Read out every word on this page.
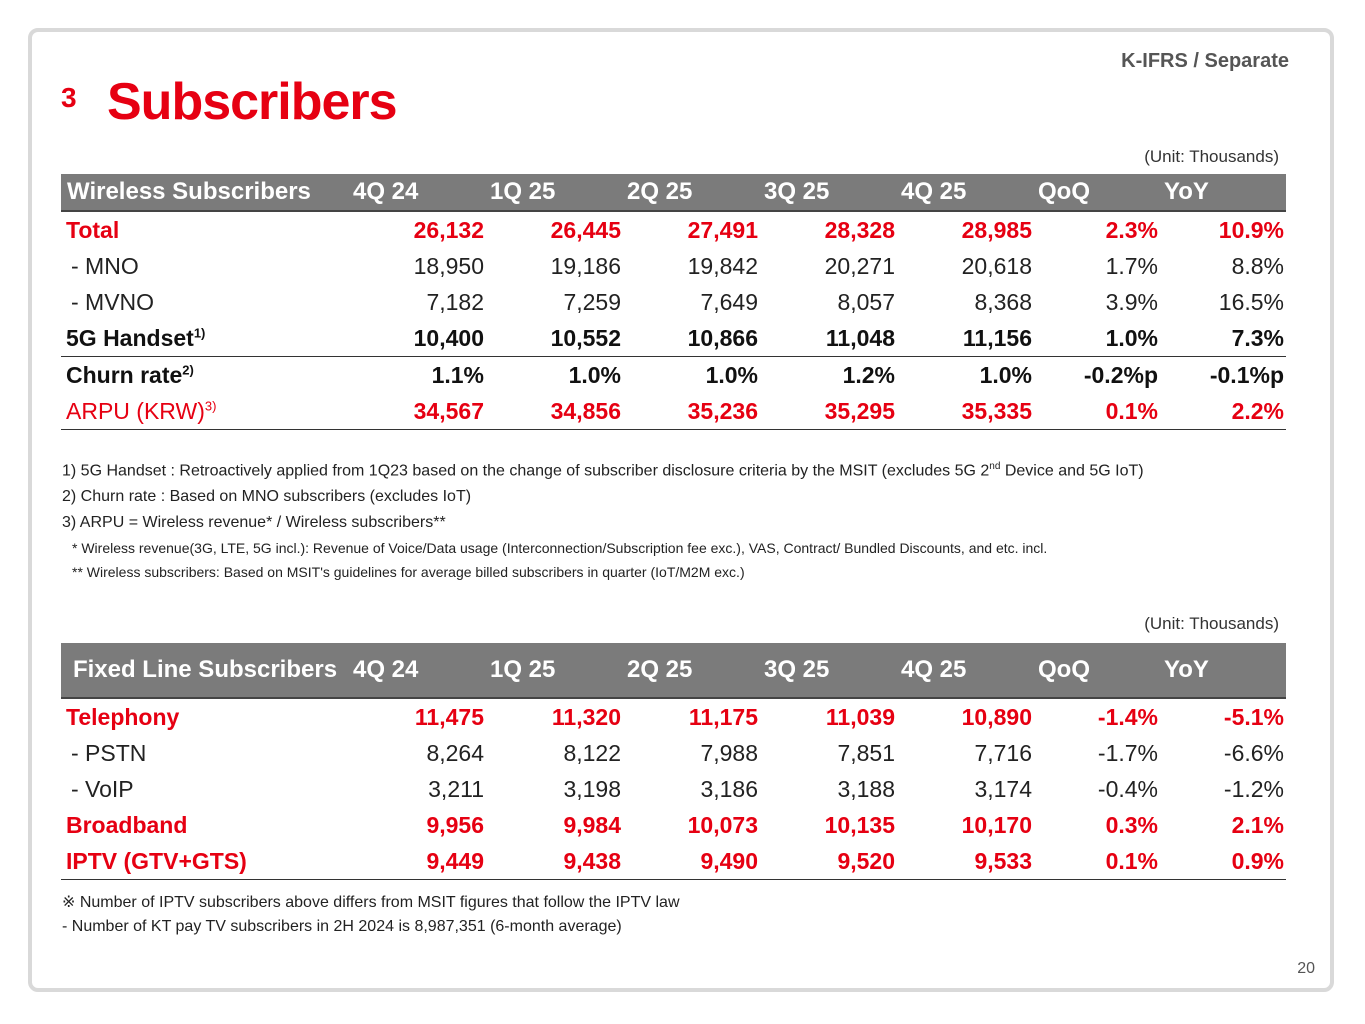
3 Subscribers
K-IFRS / Separate
(Unit: Thousands)
Wireless Subscribers	4Q 24	1Q 25	2Q 25	3Q 25	4Q 25	QoQ	YoY
Total	26,132	26,445	27,491	28,328	28,985	2.3%	10.9%
- MNO	18,950	19,186	19,842	20,271	20,618	1.7%	8.8%
- MVNO	7,182	7,259	7,649	8,057	8,368	3.9%	16.5%
5G Handset$^{1)}$	10,400	10,552	10,866	11,048	11,156	1.0%	7.3%
Churn rate$^{2)}$	1.1%	1.0%	1.0%	1.2%	1.0%	-0.2%p	-0.1%p
ARPU (KRW)$^{3)}$	34,567	34,856	35,236	35,295	35,335	0.1%	2.2%
1) 5G Handset : Retroactively applied from 1Q23 based on the change of subscriber disclosure criteria by the MSIT (excludes 5G 2nd Device and 5G IoT)
2) Churn rate : Based on MNO subscribers (excludes IoT)
3) ARPU = Wireless revenue* / Wireless subscribers**
* Wireless revenue(3G, LTE, 5G incl.): Revenue of Voice/Data usage (Interconnection/Subscription fee exc.), VAS, Contract/ Bundled Discounts, and etc. incl.
** Wireless subscribers: Based on MSIT's guidelines for average billed subscribers in quarter (IoT/M2M exc.)
(Unit: Thousands)
Fixed Line Subscribers	4Q 24	1Q 25	2Q 25	3Q 25	4Q 25	QoQ	YoY
Telephony	11,475	11,320	11,175	11,039	10,890	-1.4%	-5.1%
- PSTN	8,264	8,122	7,988	7,851	7,716	-1.7%	-6.6%
- VoIP	3,211	3,198	3,186	3,188	3,174	-0.4%	-1.2%
Broadband	9,956	9,984	10,073	10,135	10,170	0.3%	2.1%
IPTV (GTV+GTS)	9,449	9,438	9,490	9,520	9,533	0.1%	0.9%
※ Number of IPTV subscribers above differs from MSIT figures that follow the IPTV law
- Number of KT pay TV subscribers in 2H 2024 is 8,987,351 (6-month average)
20
